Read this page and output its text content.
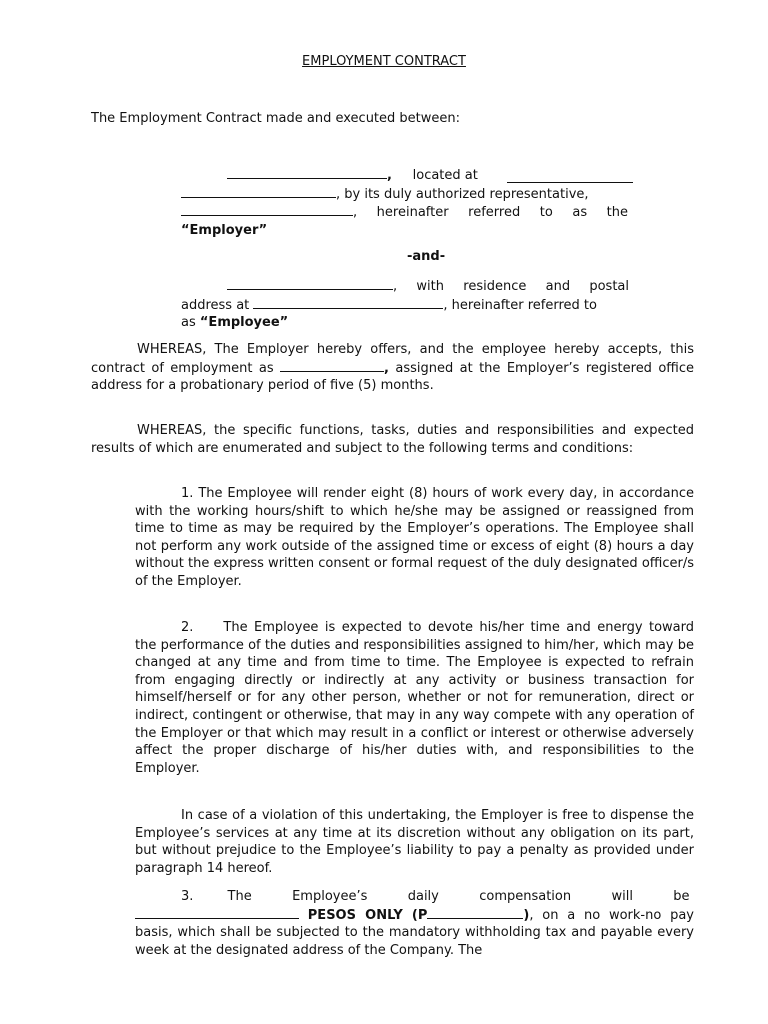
EMPLOYMENT CONTRACT

The Employment Contract made and executed between:

, located at

, by its duly authorized representative,
, hereinafter referred to as the
“Employer”

-and-

, with residence and postal
address at	, hereinafter referred to
as “Employee”

WHEREAS, The Employer hereby offers, and the employee hereby accepts, this contract of employment as	, assigned at the Employer’s registered office address for a probationary period of five (5) months.

WHEREAS, the specific functions, tasks, duties and responsibilities and expected results of which are enumerated and subject to the following terms and conditions:

1. The Employee will render eight (8) hours of work every day, in accordance with the working hours/shift to which he/she may be assigned or reassigned from time to time as may be required by the Employer’s operations. The Employee shall not perform any work outside of the assigned time or excess of eight (8) hours a day without the express written consent or formal request of the duly designated officer/s of the Employer.

2. The Employee is expected to devote his/her time and energy toward the performance of the duties and responsibilities assigned to him/her, which may be changed at any time and from time to time. The Employee is expected to refrain from engaging directly or indirectly at any activity or business transaction for himself/herself or for any other person, whether or not for remuneration, direct or indirect, contingent or otherwise, that may in any way compete with any operation of the Employer or that which may result in a conflict or interest or otherwise adversely affect the proper discharge of his/her duties with, and responsibilities to the Employer.

In case of a violation of this undertaking, the Employer is free to dispense the Employee’s services at any time at its discretion without any obligation on its part, but without prejudice to the Employee’s liability to pay a penalty as provided under paragraph 14 hereof.

3.	The Employee’s daily compensation will be
PESOS ONLY (P	), on a no work-no pay basis, which shall be subjected to the mandatory withholding tax and payable every week at the designated address of the Company. The
